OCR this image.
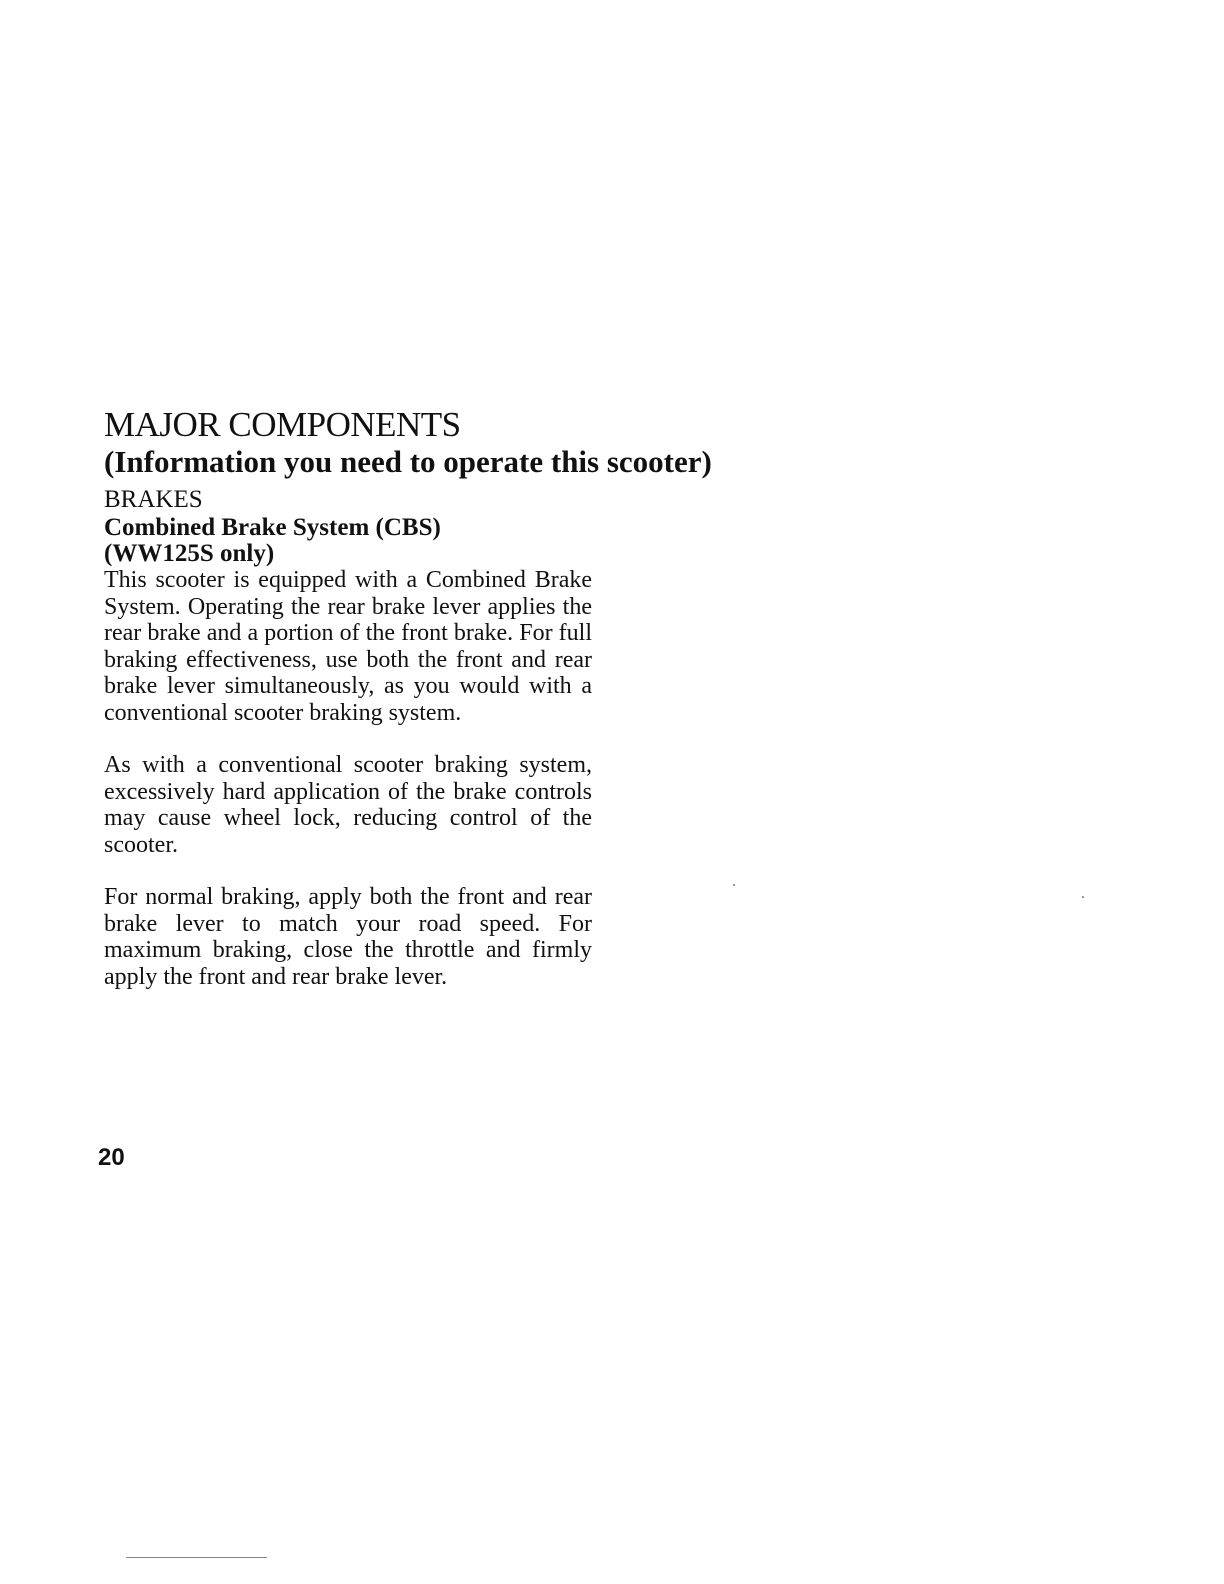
MAJOR COMPONENTS
(Information you need to operate this scooter)
BRAKES
Combined Brake System (CBS)
(WW125S only)

This scooter is equipped with a Combined Brake System. Operating the rear brake lever applies the rear brake and a portion of the front brake. For full braking effectiveness, use both the front and rear brake lever simultaneously, as you would with a conventional scooter braking system.

As with a conventional scooter braking system, excessively hard application of the brake controls may cause wheel lock, reducing control of the scooter.

For normal braking, apply both the front and rear brake lever to match your road speed. For maximum braking, close the throttle and firmly apply the front and rear brake lever.

20
